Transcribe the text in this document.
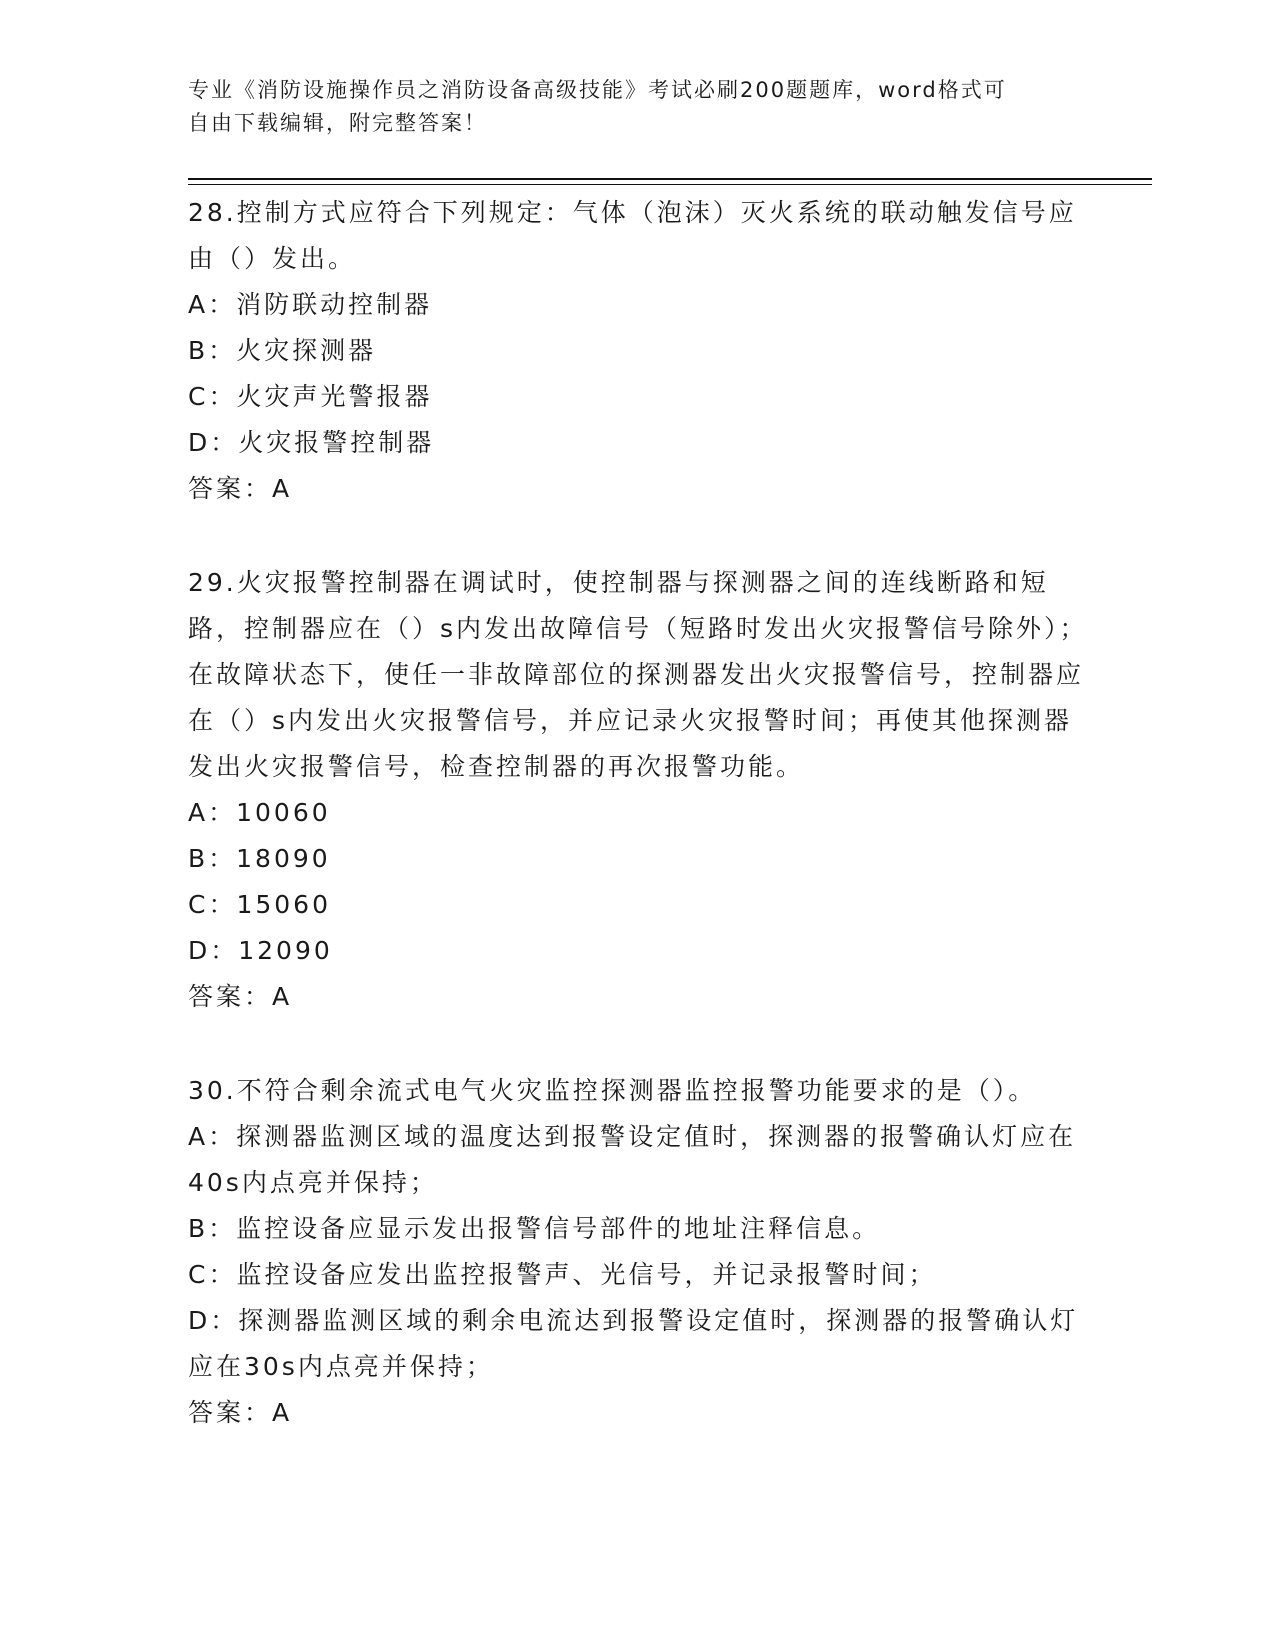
专业《消防设施操作员之消防设备高级技能》考试必刷200题题库，word格式可
自由下载编辑，附完整答案！
28.控制方式应符合下列规定：气体（泡沫）灭火系统的联动触发信号应由（）发出。
A：消防联动控制器
B：火灾探测器
C：火灾声光警报器
D：火灾报警控制器
答案：A
29.火灾报警控制器在调试时，使控制器与探测器之间的连线断路和短路，控制器应在（）s内发出故障信号（短路时发出火灾报警信号除外）；在故障状态下，使任一非故障部位的探测器发出火灾报警信号，控制器应在（）s内发出火灾报警信号，并应记录火灾报警时间；再使其他探测器发出火灾报警信号，检查控制器的再次报警功能。
A：10060
B：18090
C：15060
D：12090
答案：A
30.不符合剩余流式电气火灾监控探测器监控报警功能要求的是（）。
A：探测器监测区域的温度达到报警设定值时，探测器的报警确认灯应在40s内点亮并保持；
B：监控设备应显示发出报警信号部件的地址注释信息。
C：监控设备应发出监控报警声、光信号，并记录报警时间；
D：探测器监测区域的剩余电流达到报警设定值时，探测器的报警确认灯应在30s内点亮并保持；
答案：A
